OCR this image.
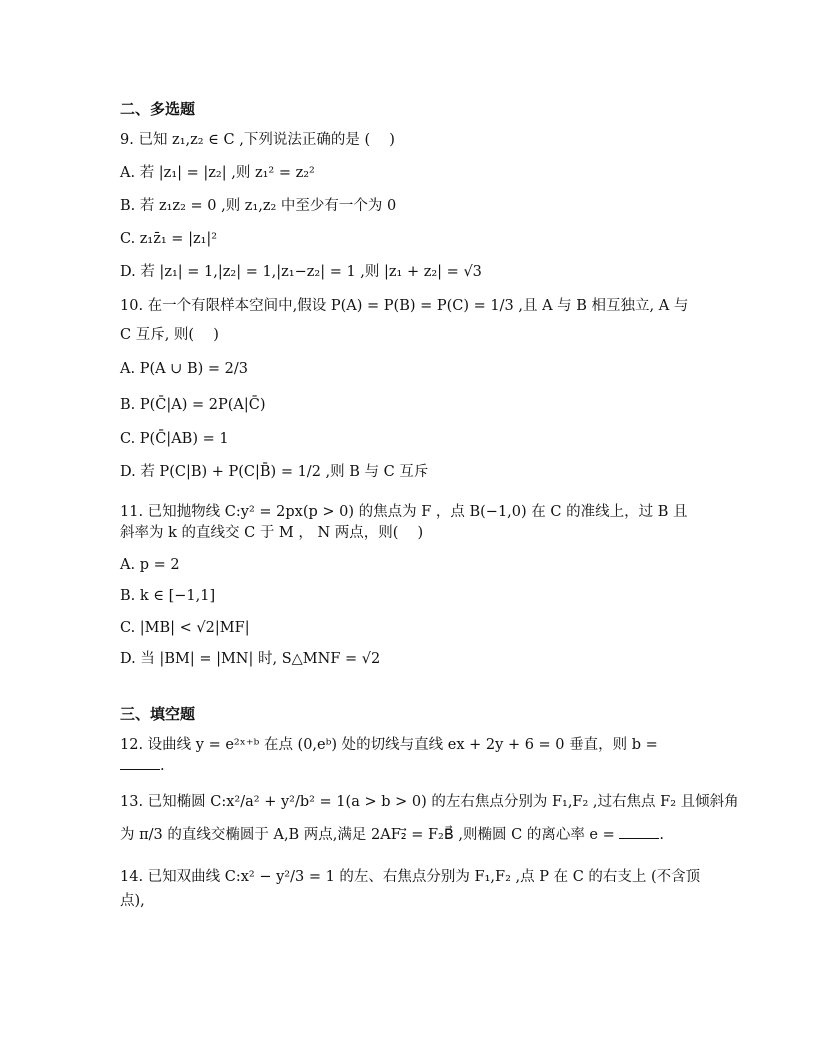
二、多选题
9. 已知 z₁,z₂ ∈ C ,下列说法正确的是 (　 )
A. 若 |z₁| = |z₂| ,则 z₁² = z₂²
B. 若 z₁z₂ = 0 ,则 z₁,z₂ 中至少有一个为 0
C. z₁z̄₁ = |z₁|²
D. 若 |z₁| = 1,|z₂| = 1,|z₁−z₂| = 1 ,则 |z₁ + z₂| = √3
10. 在一个有限样本空间中,假设 P(A) = P(B) = P(C) = 1/3 ,且 A 与 B 相互独立, A 与
C 互斥, 则(　 )
A. P(A ∪ B) = 2/3
B. P(C̄|A) = 2P(A|C̄)
C. P(C̄|AB) = 1
D. 若 P(C|B) + P(C|B̄) = 1/2 ,则 B 与 C 互斥
11. 已知抛物线 C:y² = 2px(p > 0) 的焦点为 F ，点 B(−1,0) 在 C 的准线上，过 B 且
斜率为 k 的直线交 C 于 M ， N 两点，则(　 )
A. p = 2
B. k ∈ [−1,1]
C. |MB| < √2|MF|
D. 当 |BM| = |MN| 时, S△MNF = √2
三、填空题
12. 设曲线 y = e²ˣ⁺ᵇ 在点 (0,eᵇ) 处的切线与直线 ex + 2y + 6 = 0 垂直，则 b =
.
13. 已知椭圆 C:x²/a² + y²/b² = 1(a > b > 0) 的左右焦点分别为 F₁,F₂ ,过右焦点 F₂ 且倾斜角
为 π/3 的直线交椭圆于 A,B 两点,满足 2AF₂⃗ = F₂B⃗ ,则椭圆 C 的离心率 e =	.
14. 已知双曲线 C:x² − y²/3 = 1 的左、右焦点分别为 F₁,F₂ ,点 P 在 C 的右支上 (不含顶
点),
